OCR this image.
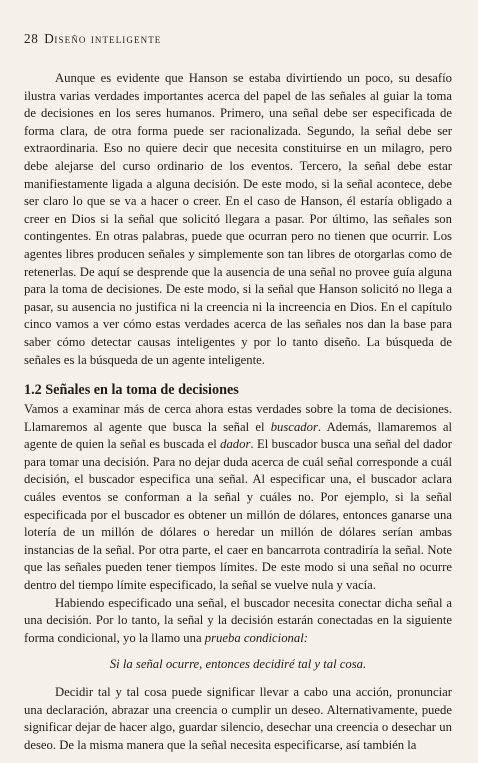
28 Diseño inteligente

Aunque es evidente que Hanson se estaba divirtiendo un poco, su desafío ilustra varias verdades importantes acerca del papel de las señales al guiar la toma de decisiones en los seres humanos. Primero, una señal debe ser especificada de forma clara, de otra forma puede ser racionalizada. Segundo, la señal debe ser extraordinaria. Eso no quiere decir que necesita constituirse en un milagro, pero debe alejarse del curso ordinario de los eventos. Tercero, la señal debe estar manifiestamente ligada a alguna decisión. De este modo, si la señal acontece, debe ser claro lo que se va a hacer o creer. En el caso de Hanson, él estaría obligado a creer en Dios si la señal que solicitó llegara a pasar. Por último, las señales son contingentes. En otras palabras, puede que ocurran pero no tienen que ocurrir. Los agentes libres producen señales y simplemente son tan libres de otorgarlas como de retenerlas. De aquí se desprende que la ausencia de una señal no provee guía alguna para la toma de decisiones. De este modo, si la señal que Hanson solicitó no llega a pasar, su ausencia no justifica ni la creencia ni la increencia en Dios. En el capítulo cinco vamos a ver cómo estas verdades acerca de las señales nos dan la base para saber cómo detectar causas inteligentes y por lo tanto diseño. La búsqueda de señales es la búsqueda de un agente inteligente.

1.2 Señales en la toma de decisiones

Vamos a examinar más de cerca ahora estas verdades sobre la toma de decisiones. Llamaremos al agente que busca la señal el buscador. Además, llamaremos al agente de quien la señal es buscada el dador. El buscador busca una señal del dador para tomar una decisión. Para no dejar duda acerca de cuál señal corresponde a cuál decisión, el buscador especifica una señal. Al especificar una, el buscador aclara cuáles eventos se conforman a la señal y cuáles no. Por ejemplo, si la señal especificada por el buscador es obtener un millón de dólares, entonces ganarse una lotería de un millón de dólares o heredar un millón de dólares serían ambas instancias de la señal. Por otra parte, el caer en bancarrota contradiría la señal. Note que las señales pueden tener tiempos límites. De este modo si una señal no ocurre dentro del tiempo límite especificado, la señal se vuelve nula y vacía.

Habiendo especificado una señal, el buscador necesita conectar dicha señal a una decisión. Por lo tanto, la señal y la decisión estarán conectadas en la siguiente forma condicional, yo la llamo una prueba condicional:

Si la señal ocurre, entonces decidiré tal y tal cosa.

Decidir tal y tal cosa puede significar llevar a cabo una acción, pronunciar una declaración, abrazar una creencia o cumplir un deseo. Alternativamente, puede significar dejar de hacer algo, guardar silencio, desechar una creencia o desechar un deseo. De la misma manera que la señal necesita especificarse, así también la
